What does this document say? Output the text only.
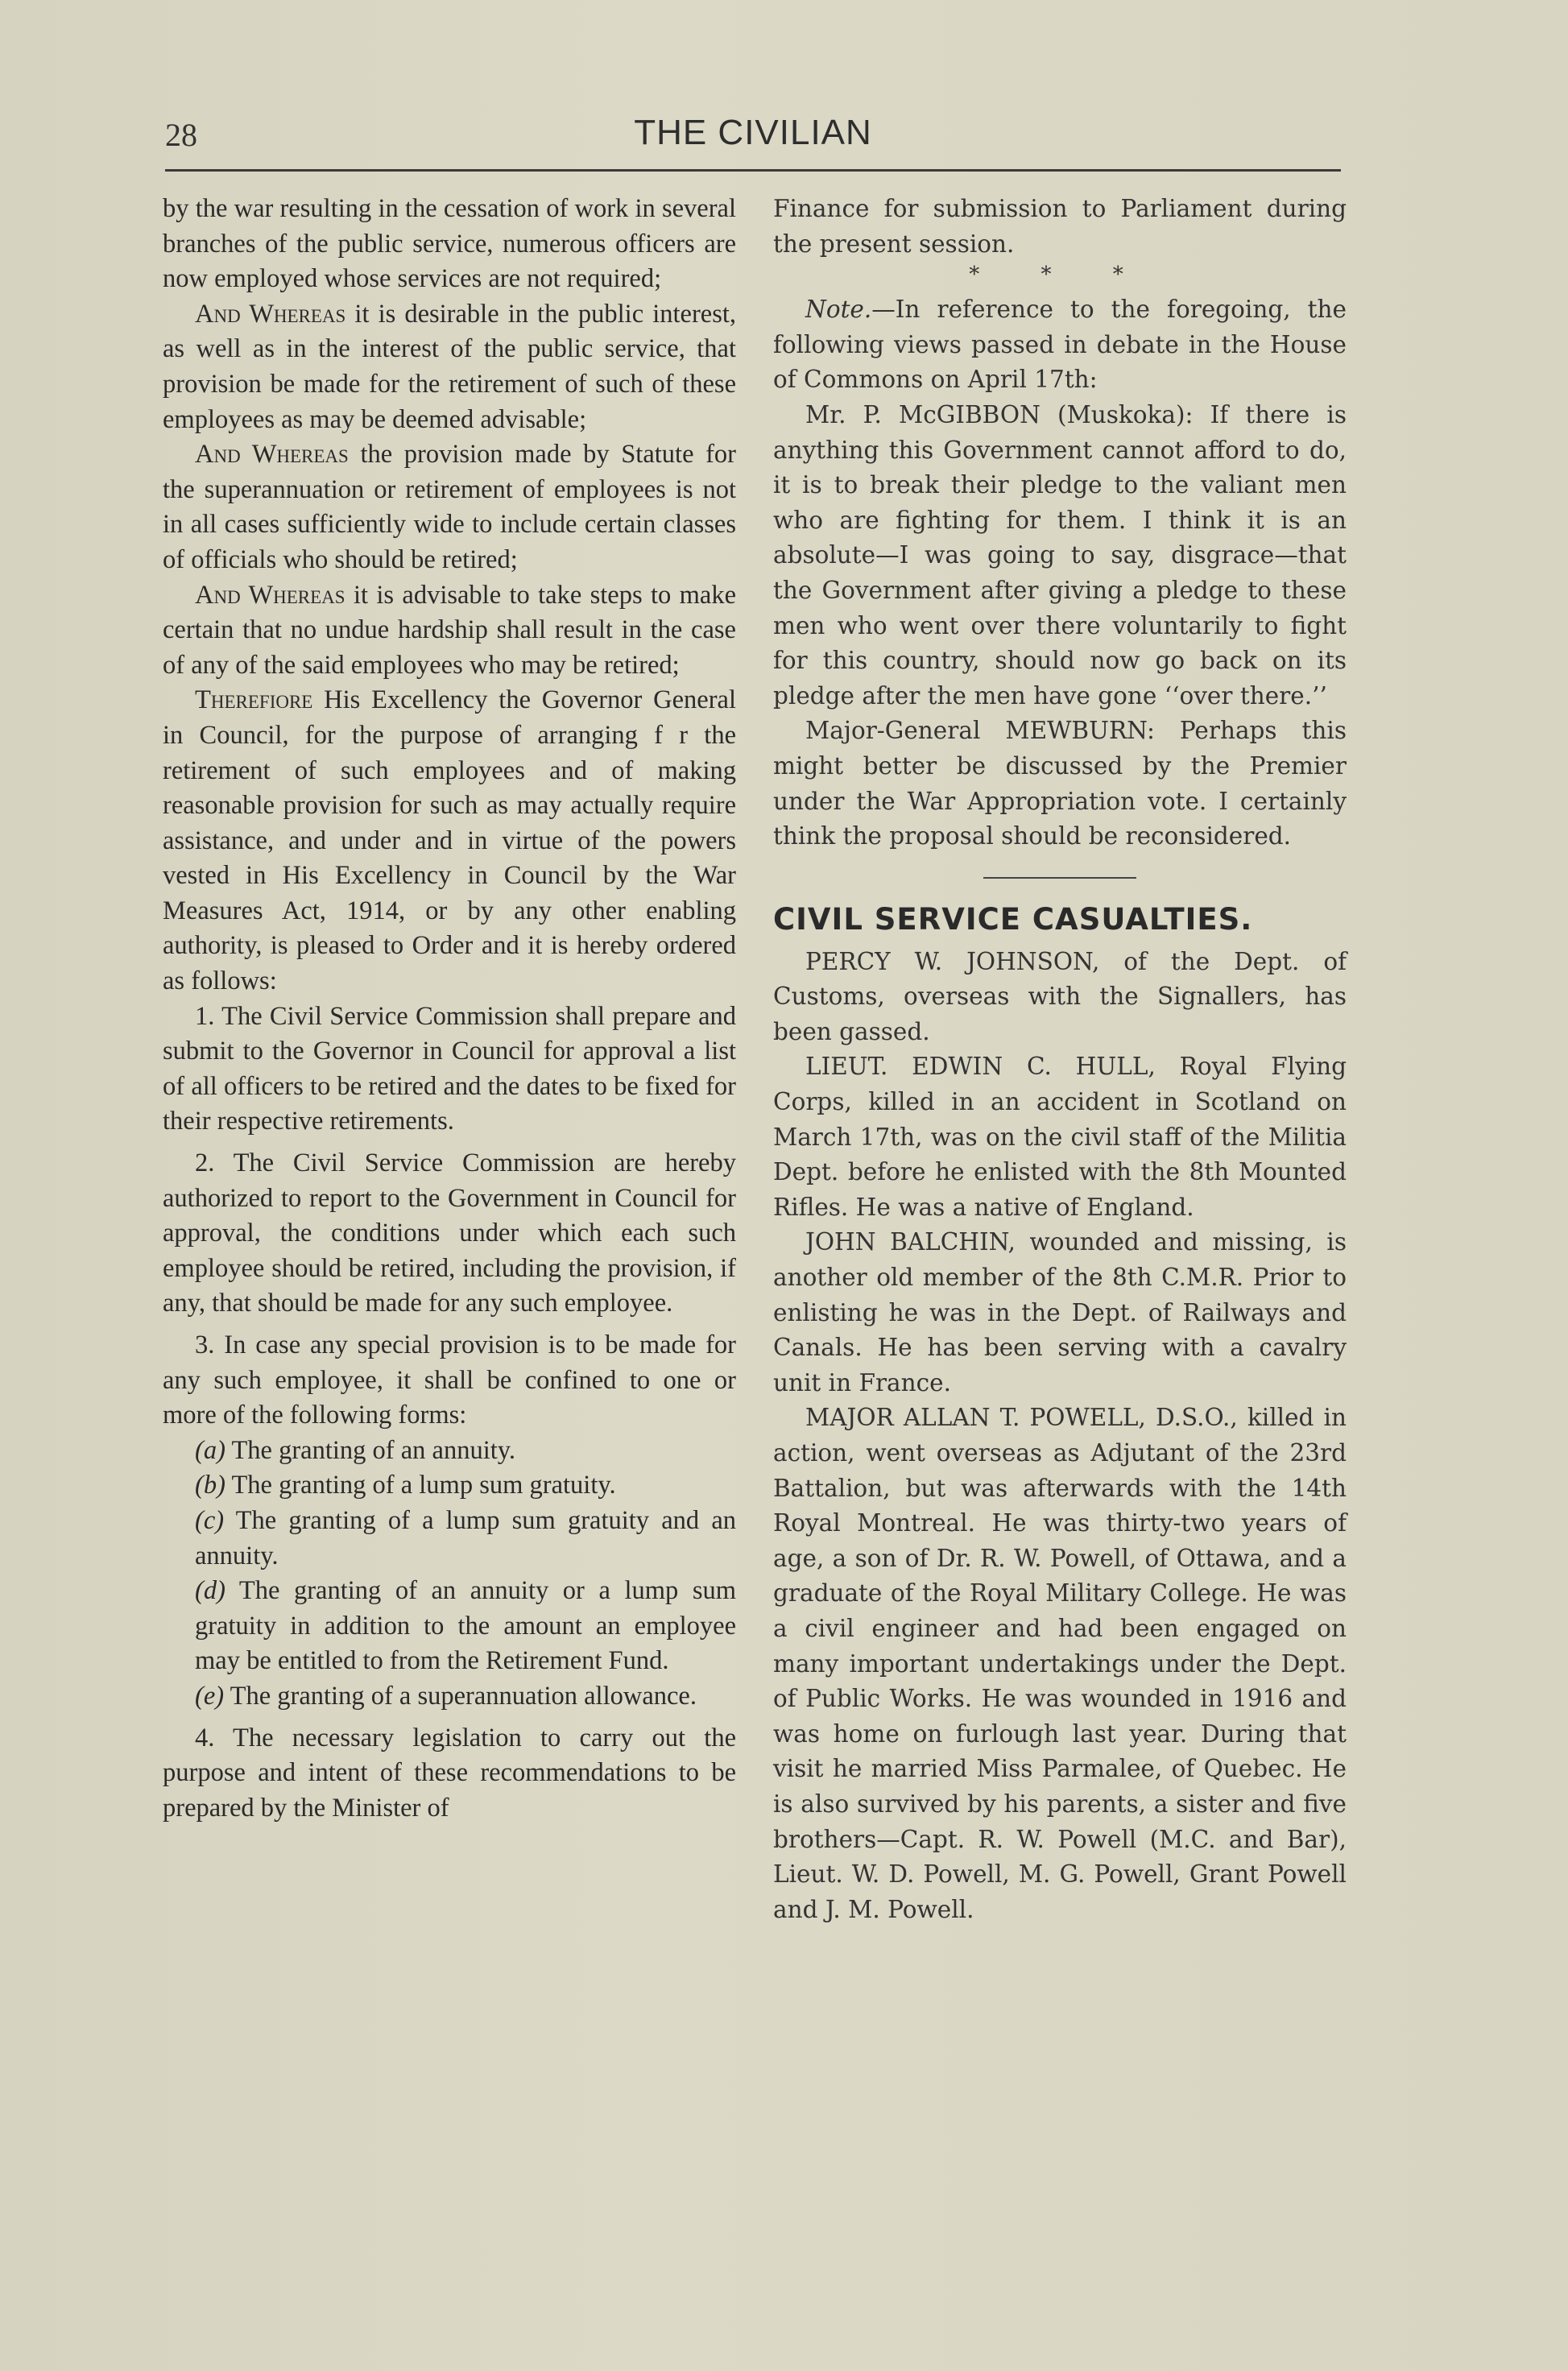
28	THE CIVILIAN

by the war resulting in the cessation of work in several branches of the public service, numerous officers are now employed whose services are not required;

And Whereas it is desirable in the public interest, as well as in the interest of the public service, that provision be made for the retirement of such of these employees as may be deemed advisable;

And Whereas the provision made by Statute for the superannuation or retirement of employees is not in all cases sufficiently wide to include certain classes of officials who should be retired;

And Whereas it is advisable to take steps to make certain that no undue hardship shall result in the case of any of the said employees who may be retired;

Therefiore His Excellency the Governor General in Council, for the purpose of arranging f r the retirement of such employees and of making reasonable provision for such as may actually require assistance, and under and in virtue of the powers vested in His Excellency in Council by the War Measures Act, 1914, or by any other enabling authority, is pleased to Order and it is hereby ordered as follows:

1. The Civil Service Commission shall prepare and submit to the Governor in Council for approval a list of all officers to be retired and the dates to be fixed for their respective retirements.

2. The Civil Service Commission are hereby authorized to report to the Government in Council for approval, the conditions under which each such employee should be retired, including the provision, if any, that should be made for any such employee.

3. In case any special provision is to be made for any such employee, it shall be confined to one or more of the following forms:

(a) The granting of an annuity.

(b) The granting of a lump sum gratuity.

(c) The granting of a lump sum gratuity and an annuity.

(d) The granting of an annuity or a lump sum gratuity in addition to the amount an employee may be entitled to from the Retirement Fund.

(e) The granting of a superannuation allowance.

4. The necessary legislation to carry out the purpose and intent of these recommendations to be prepared by the Minister of

Finance for submission to Parliament during the present session.

* * *

Note.—In reference to the foregoing, the following views passed in debate in the House of Commons on April 17th:

Mr. P. McGIBBON (Muskoka): If there is anything this Government cannot afford to do, it is to break their pledge to the valiant men who are fighting for them. I think it is an absolute—I was going to say, disgrace—that the Government after giving a pledge to these men who went over there voluntarily to fight for this country, should now go back on its pledge after the men have gone ‘‘over there.’’

Major-General MEWBURN: Perhaps this might better be discussed by the Premier under the War Appropriation vote. I certainly think the proposal should be reconsidered.

CIVIL SERVICE CASUALTIES.

PERCY W. JOHNSON, of the Dept. of Customs, overseas with the Signallers, has been gassed.

LIEUT. EDWIN C. HULL, Royal Flying Corps, killed in an accident in Scotland on March 17th, was on the civil staff of the Militia Dept. before he enlisted with the 8th Mounted Rifles. He was a native of England.

JOHN BALCHIN, wounded and missing, is another old member of the 8th C.M.R. Prior to enlisting he was in the Dept. of Railways and Canals. He has been serving with a cavalry unit in France.

MAJOR ALLAN T. POWELL, D.S.O., killed in action, went overseas as Adjutant of the 23rd Battalion, but was afterwards with the 14th Royal Montreal. He was thirty-two years of age, a son of Dr. R. W. Powell, of Ottawa, and a graduate of the Royal Military College. He was a civil engineer and had been engaged on many important undertakings under the Dept. of Public Works. He was wounded in 1916 and was home on furlough last year. During that visit he married Miss Parmalee, of Quebec. He is also survived by his parents, a sister and five brothers—Capt. R. W. Powell (M.C. and Bar), Lieut. W. D. Powell, M. G. Powell, Grant Powell and J. M. Powell.
